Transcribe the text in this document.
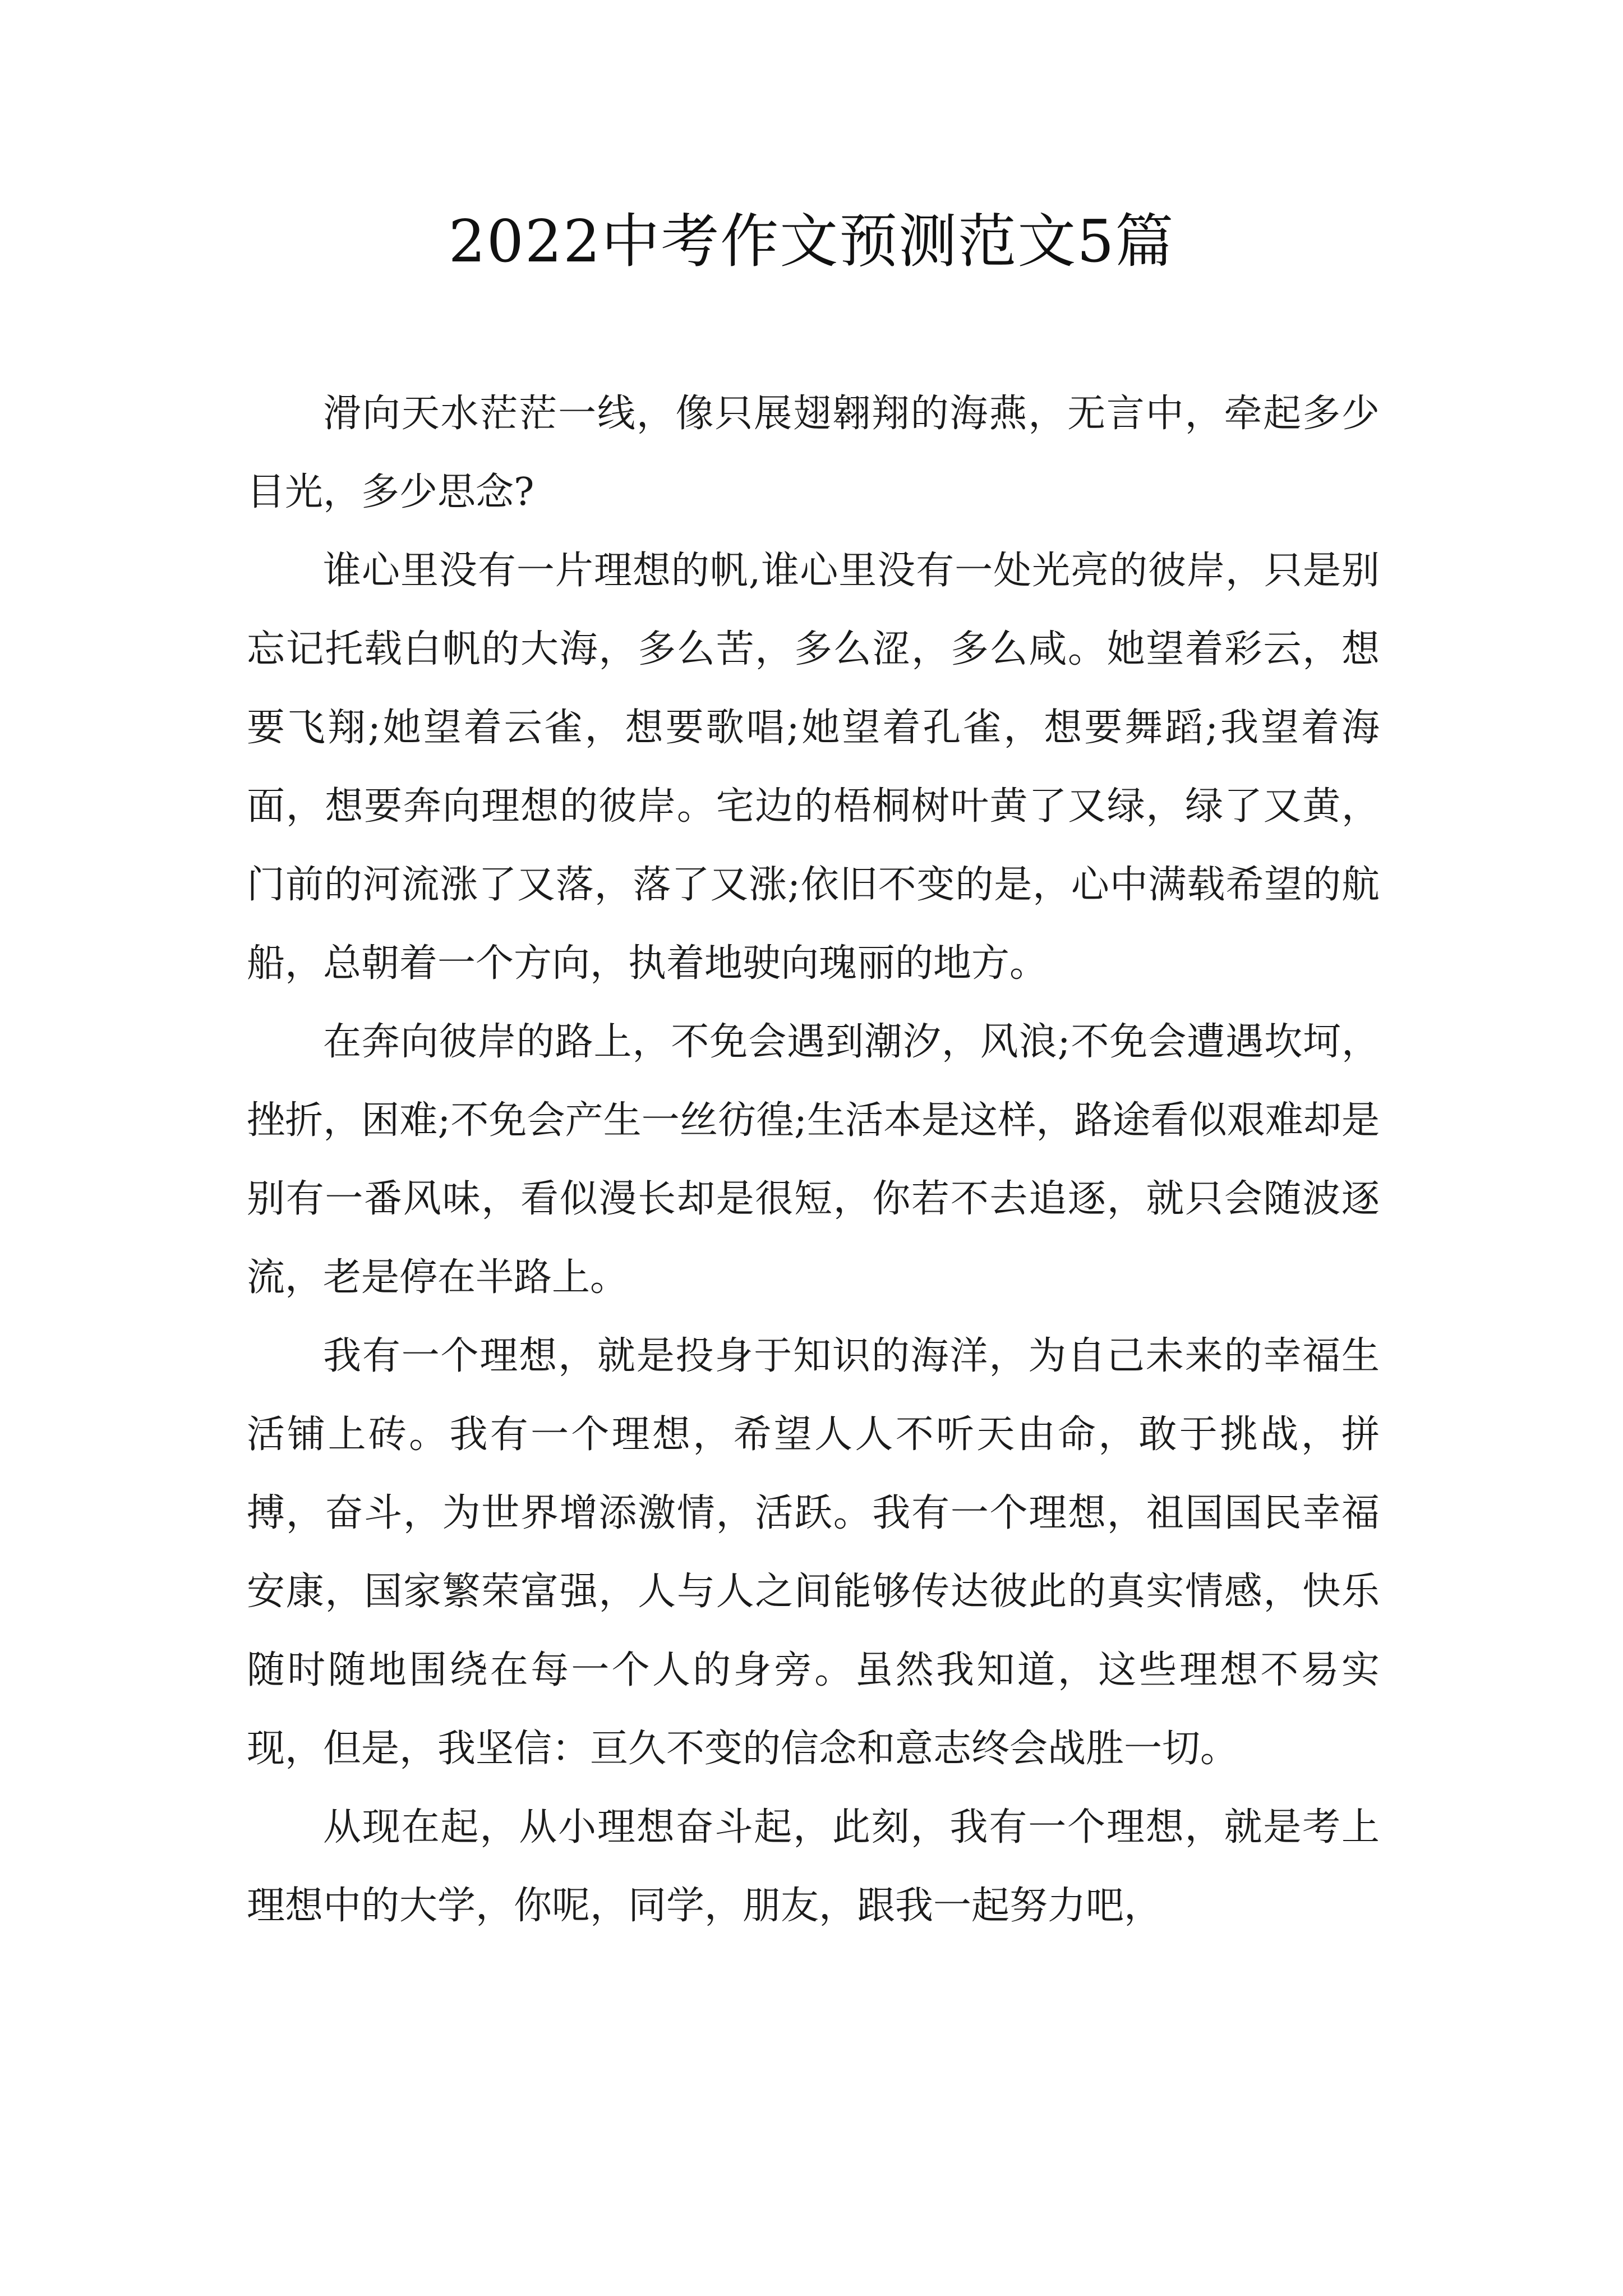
2022中考作文预测范文5篇

滑向天水茫茫一线，像只展翅翱翔的海燕，无言中，牵起多少目光，多少思念?

谁心里没有一片理想的帆,谁心里没有一处光亮的彼岸，只是别忘记托载白帆的大海，多么苦，多么涩，多么咸。她望着彩云，想要飞翔;她望着云雀，想要歌唱;她望着孔雀，想要舞蹈;我望着海面，想要奔向理想的彼岸。宅边的梧桐树叶黄了又绿，绿了又黄，门前的河流涨了又落，落了又涨;依旧不变的是，心中满载希望的航船，总朝着一个方向，执着地驶向瑰丽的地方。

在奔向彼岸的路上，不免会遇到潮汐，风浪;不免会遭遇坎坷，挫折，困难;不免会产生一丝彷徨;生活本是这样，路途看似艰难却是别有一番风味，看似漫长却是很短，你若不去追逐，就只会随波逐流，老是停在半路上。

我有一个理想，就是投身于知识的海洋，为自己未来的幸福生活铺上砖。我有一个理想，希望人人不听天由命，敢于挑战，拼搏，奋斗，为世界增添激情，活跃。我有一个理想，祖国国民幸福安康，国家繁荣富强，人与人之间能够传达彼此的真实情感，快乐随时随地围绕在每一个人的身旁。虽然我知道，这些理想不易实现，但是，我坚信：亘久不变的信念和意志终会战胜一切。

从现在起，从小理想奋斗起，此刻，我有一个理想，就是考上理想中的大学，你呢，同学，朋友，跟我一起努力吧，
